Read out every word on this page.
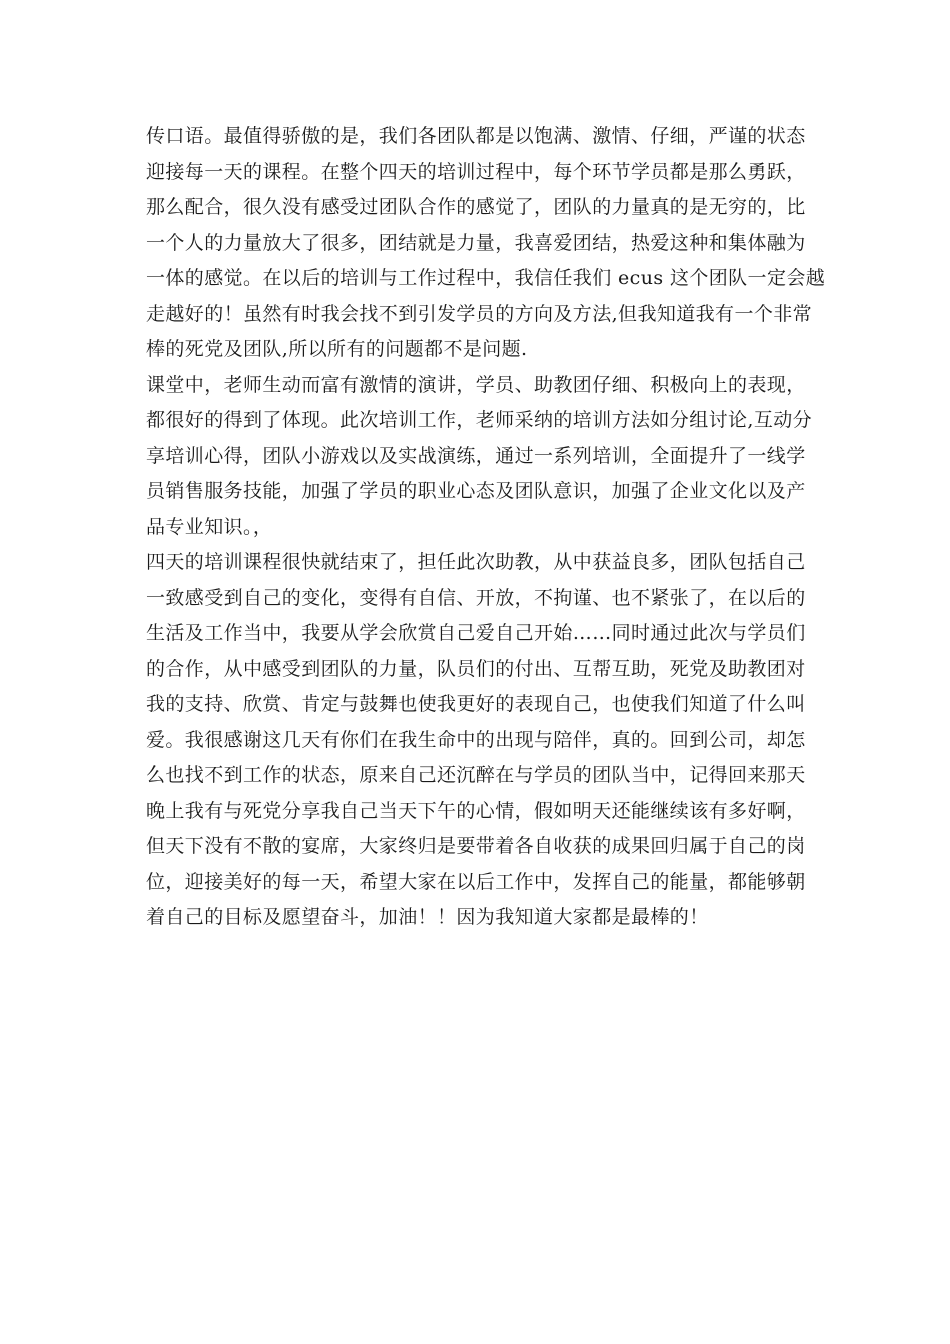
传口语。最值得骄傲的是，我们各团队都是以饱满、激情、仔细，严谨的状态
迎接每一天的课程。在整个四天的培训过程中，每个环节学员都是那么勇跃，
那么配合，很久没有感受过团队合作的感觉了，团队的力量真的是无穷的，比
一个人的力量放大了很多，团结就是力量，我喜爱团结，热爱这种和集体融为
一体的感觉。在以后的培训与工作过程中，我信任我们 ecus 这个团队一定会越
走越好的！虽然有时我会找不到引发学员的方向及方法,但我知道我有一个非常
棒的死党及团队,所以所有的问题都不是问题.
课堂中，老师生动而富有激情的演讲，学员、助教团仔细、积极向上的表现，
都很好的得到了体现。此次培训工作，老师采纳的培训方法如分组讨论,互动分
享培训心得，团队小游戏以及实战演练，通过一系列培训，全面提升了一线学
员销售服务技能，加强了学员的职业心态及团队意识，加强了企业文化以及产
品专业知识。，
四天的培训课程很快就结束了，担任此次助教，从中获益良多，团队包括自己
一致感受到自己的变化，变得有自信、开放，不拘谨、也不紧张了，在以后的
生活及工作当中，我要从学会欣赏自己爱自己开始……同时通过此次与学员们
的合作，从中感受到团队的力量，队员们的付出、互帮互助，死党及助教团对
我的支持、欣赏、肯定与鼓舞也使我更好的表现自己，也使我们知道了什么叫
爱。我很感谢这几天有你们在我生命中的出现与陪伴，真的。回到公司，却怎
么也找不到工作的状态，原来自己还沉醉在与学员的团队当中，记得回来那天
晚上我有与死党分享我自己当天下午的心情，假如明天还能继续该有多好啊，
但天下没有不散的宴席，大家终归是要带着各自收获的成果回归属于自己的岗
位，迎接美好的每一天，希望大家在以后工作中，发挥自己的能量，都能够朝
着自己的目标及愿望奋斗，加油！！因为我知道大家都是最棒的！
